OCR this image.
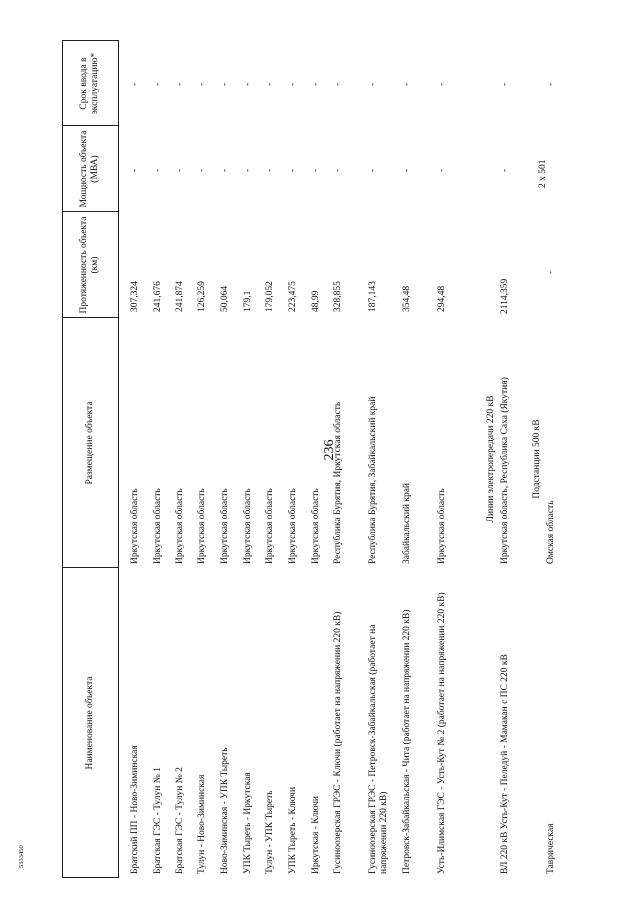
236
5333450
Наименование объекта
Размещение объекта
Протяженность объекта (км)
Мощность объекта (МВА)
Срок ввода в эксплуатацию*
Братский ПП - Ново-Зиминская
Иркутская область
307,324
-
-
Братская ГЭС - Тулун № 1
Иркутская область
241,676
-
-
Братская ГЭС - Тулун № 2
Иркутская область
241,874
-
-
Тулун - Ново-Зиминская
Иркутская область
126,259
-
-
Ново-Зиминская - УПК Тыреть
Иркутская область
50,064
-
-
УПК Тыреть - Иркутская
Иркутская область
179,1
-
-
Тулун - УПК Тыреть
Иркутская область
179,052
-
-
УПК Тыреть - Ключи
Иркутская область
223,475
-
-
Иркутская - Ключи
Иркутская область
48,99
-
-
Гусиноозерская ГРЭС - Ключи (работает на напряжении 220 кВ)
Республика Бурятия, Иркутская область
328,855
-
-
Гусиноозерская ГРЭС - Петровск-Забайкальская (работает на напряжении 220 кВ)
Республика Бурятия, Забайкальский край
187,143
-
-
Петровск-Забайкальская - Чита (работает на напряжении 220 кВ)
Забайкальский край
354,48
-
-
Усть-Илимская ГЭС - Усть-Кут № 2 (работает на напряжении 220 кВ)
Иркутская область
294,48
-
-
Линии электропередачи 220 кВ
ВЛ 220 кВ Усть-Кут - Пеледуй - Мамакан с ПС 220 кВ
Иркутская область, Республика Саха (Якутия)
2114,359
-
-
Подстанции 500 кВ
Таврическая
Омская область
-
2 х 501
-
